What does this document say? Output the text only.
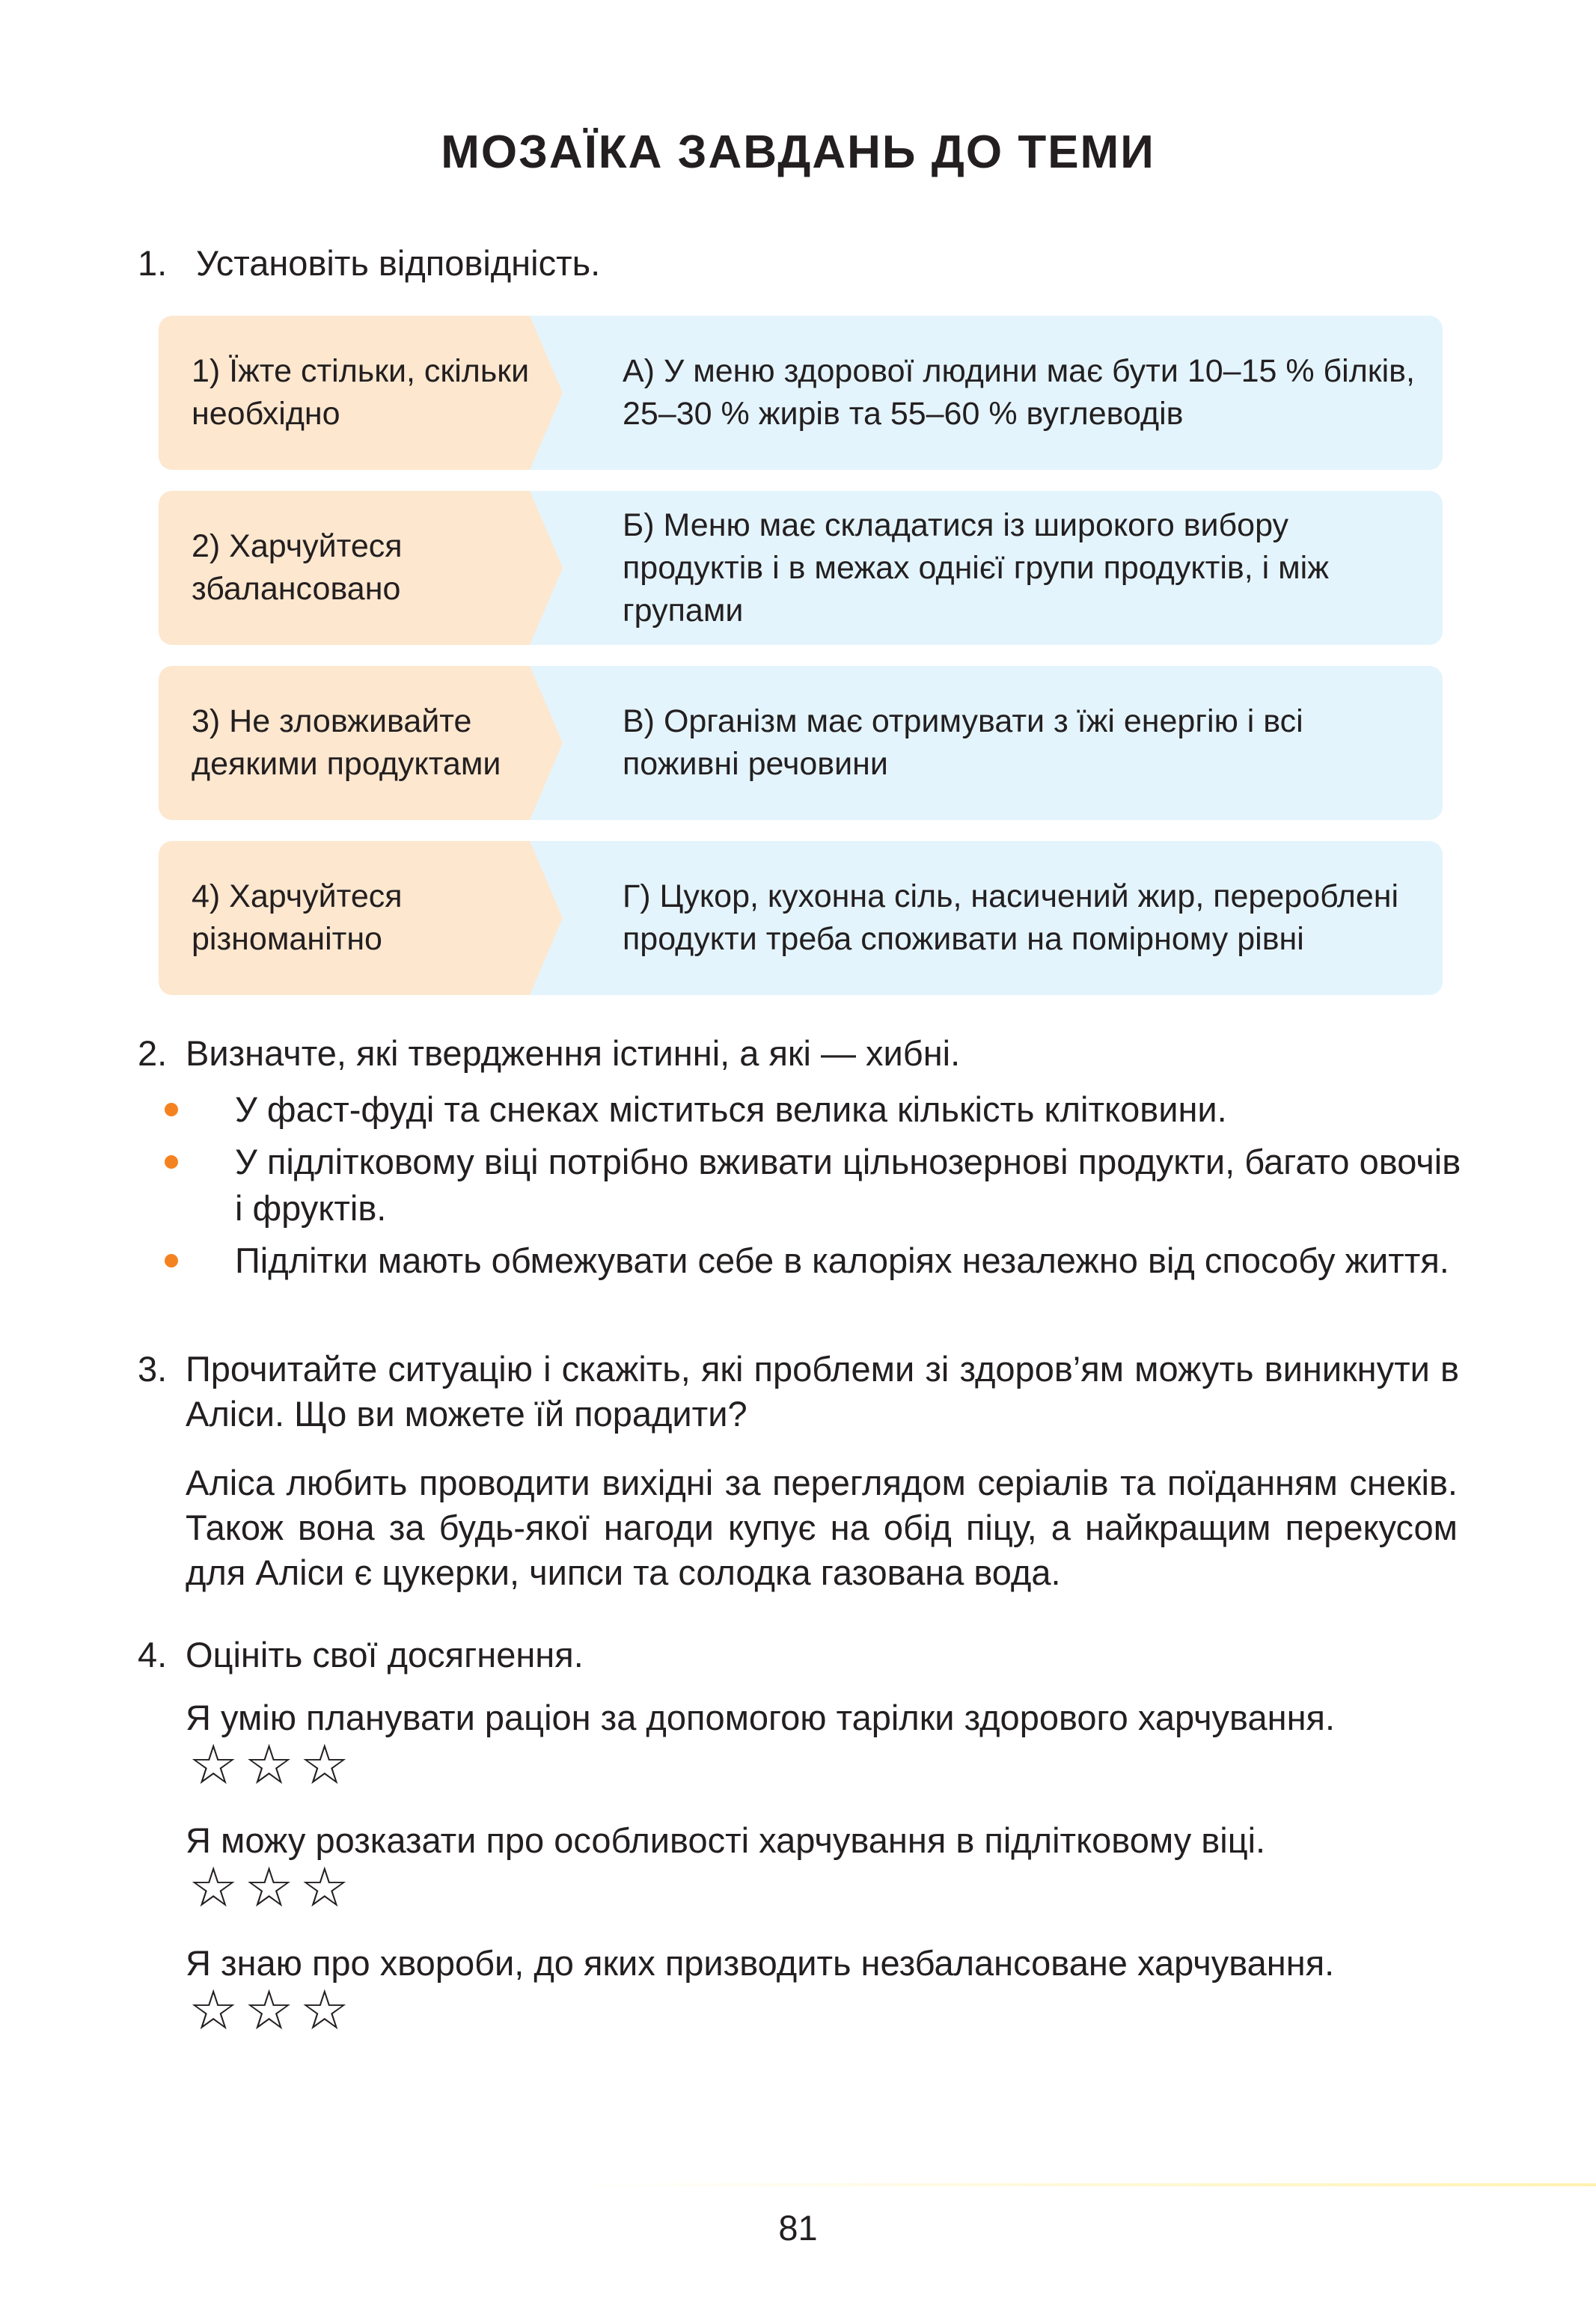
МОЗАЇКА ЗАВДАНЬ ДО ТЕМИ
1. Установіть відповідність.
1) Їжте стільки, скільки необхідно
А) У меню здорової людини має бути 10–15 % білків, 25–30 % жирів та 55–60 % вуглеводів
2) Харчуйтеся збалансовано
Б) Меню має складатися із широкого вибору продуктів і в межах однієї групи продуктів, і між групами
3) Не зловживайте деякими продуктами
В) Організм має отримувати з їжі енергію і всі поживні речовини
4) Харчуйтеся різноманітно
Г) Цукор, кухонна сіль, насичений жир, перероблені продукти треба споживати на помірному рівні
2. Визначте, які твердження істинні, а які — хибні.
У фаст-фуді та снеках міститься велика кількість клітковини.
У підлітковому віці потрібно вживати цільнозернові продукти, багато овочів і фруктів.
Підлітки мають обмежувати себе в калоріях незалежно від способу життя.
3. Прочитайте ситуацію і скажіть, які проблеми зі здоров’ям можуть виникнути в Аліси. Що ви можете їй порадити?
Аліса любить проводити вихідні за переглядом серіалів та поїданням снеків. Також вона за будь-якої нагоди купує на обід піцу, а найкращим перекусом для Аліси є цукерки, чипси та солодка газована вода.
4. Оцініть свої досягнення.
Я умію планувати раціон за допомогою тарілки здорового харчування.
☆☆☆
Я можу розказати про особливості харчування в підлітковому віці.
☆☆☆
Я знаю про хвороби, до яких призводить незбалансоване харчування.
☆☆☆
81
